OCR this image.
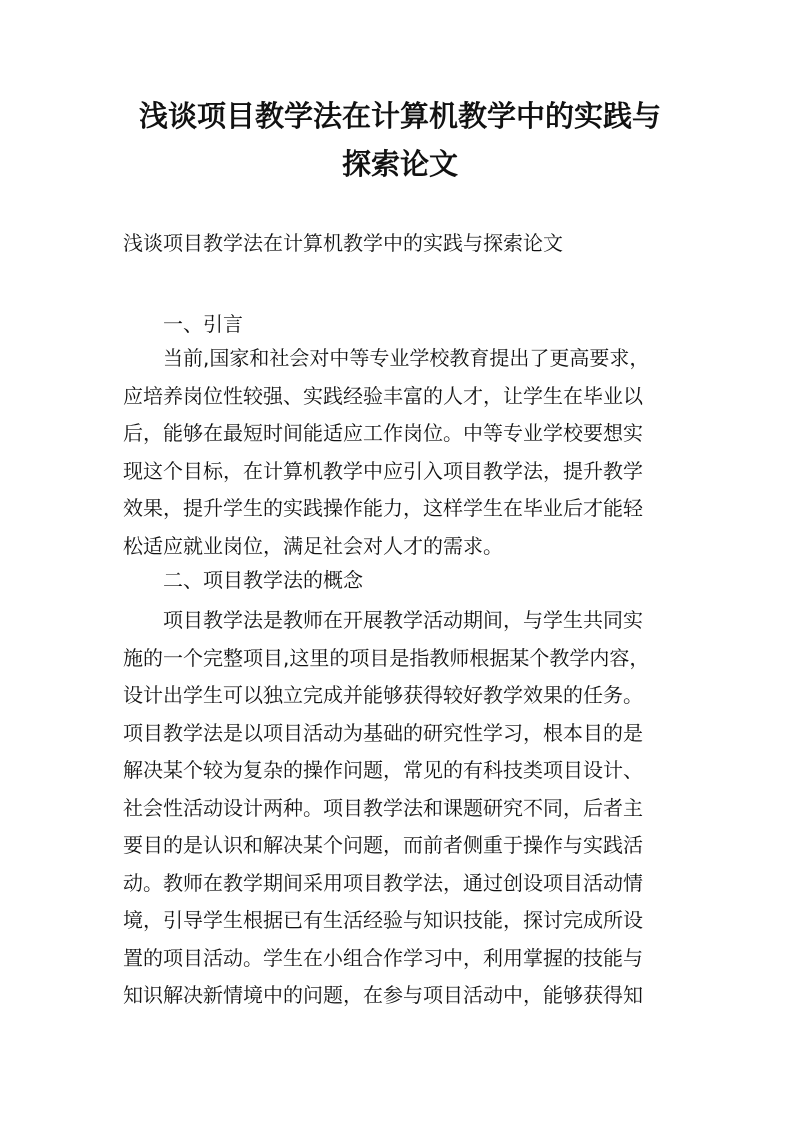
浅谈项目教学法在计算机教学中的实践与
探索论文
浅谈项目教学法在计算机教学中的实践与探索论文
一、引言
　　当前,国家和社会对中等专业学校教育提出了更高要求，
应培养岗位性较强、实践经验丰富的人才，让学生在毕业以
后，能够在最短时间能适应工作岗位。中等专业学校要想实
现这个目标，在计算机教学中应引入项目教学法，提升教学
效果，提升学生的实践操作能力，这样学生在毕业后才能轻
松适应就业岗位，满足社会对人才的需求。
二、项目教学法的概念
　　项目教学法是教师在开展教学活动期间，与学生共同实
施的一个完整项目,这里的项目是指教师根据某个教学内容，
设计出学生可以独立完成并能够获得较好教学效果的任务。
项目教学法是以项目活动为基础的研究性学习，根本目的是
解决某个较为复杂的操作问题，常见的有科技类项目设计、
社会性活动设计两种。项目教学法和课题研究不同，后者主
要目的是认识和解决某个问题，而前者侧重于操作与实践活
动。教师在教学期间采用项目教学法，通过创设项目活动情
境，引导学生根据已有生活经验与知识技能，探讨完成所设
置的项目活动。学生在小组合作学习中，利用掌握的技能与
知识解决新情境中的问题，在参与项目活动中，能够获得知
